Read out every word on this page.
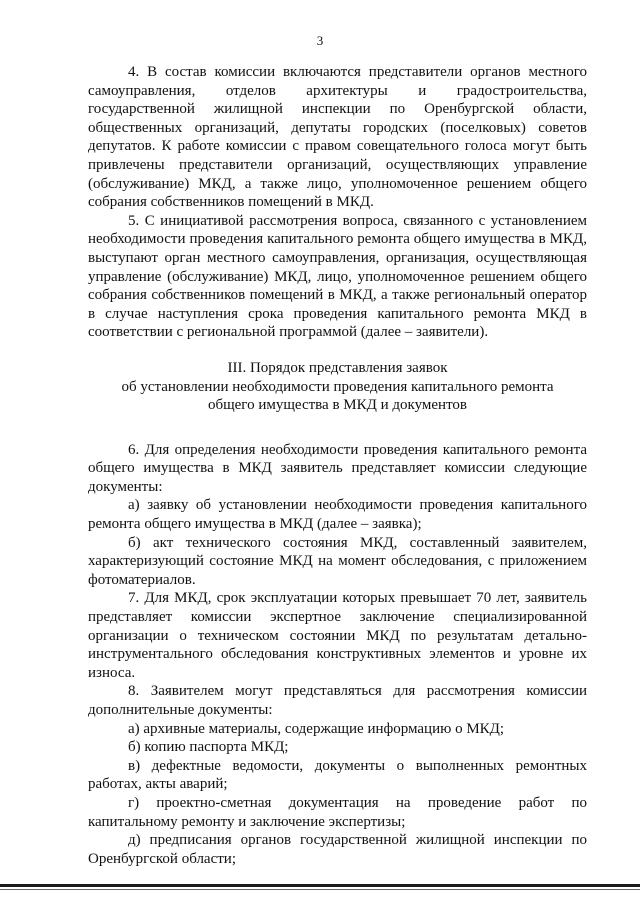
3

4. В состав комиссии включаются представители органов местного самоуправления, отделов архитектуры и градостроительства, государственной жилищной инспекции по Оренбургской области, общественных организаций, депутаты городских (поселковых) советов депутатов. К работе комиссии с правом совещательного голоса могут быть привлечены представители организаций, осуществляющих управление (обслуживание) МКД, а также лицо, уполномоченное решением общего собрания собственников помещений в МКД.

5. С инициативой рассмотрения вопроса, связанного с установлением необходимости проведения капитального ремонта общего имущества в МКД, выступают орган местного самоуправления, организация, осуществляющая управление (обслуживание) МКД, лицо, уполномоченное решением общего собрания собственников помещений в МКД, а также региональный оператор в случае наступления срока проведения капитального ремонта МКД в соответствии с региональной программой (далее – заявители).

III. Порядок представления заявок
об установлении необходимости проведения капитального ремонта
общего имущества в МКД и документов

6. Для определения необходимости проведения капитального ремонта общего имущества в МКД заявитель представляет комиссии следующие документы:

а) заявку об установлении необходимости проведения капитального ремонта общего имущества в МКД (далее – заявка);

б) акт технического состояния МКД, составленный заявителем, характеризующий состояние МКД на момент обследования, с приложением фотоматериалов.

7. Для МКД, срок эксплуатации которых превышает 70 лет, заявитель представляет комиссии экспертное заключение специализированной организации о техническом состоянии МКД по результатам детально-инструментального обследования конструктивных элементов и уровне их износа.

8. Заявителем могут представляться для рассмотрения комиссии дополнительные документы:

а) архивные материалы, содержащие информацию о МКД;

б) копию паспорта МКД;

в) дефектные ведомости, документы о выполненных ремонтных работах, акты аварий;

г) проектно-сметная документация на проведение работ по капитальному ремонту и заключение экспертизы;

д) предписания органов государственной жилищной инспекции по Оренбургской области;
